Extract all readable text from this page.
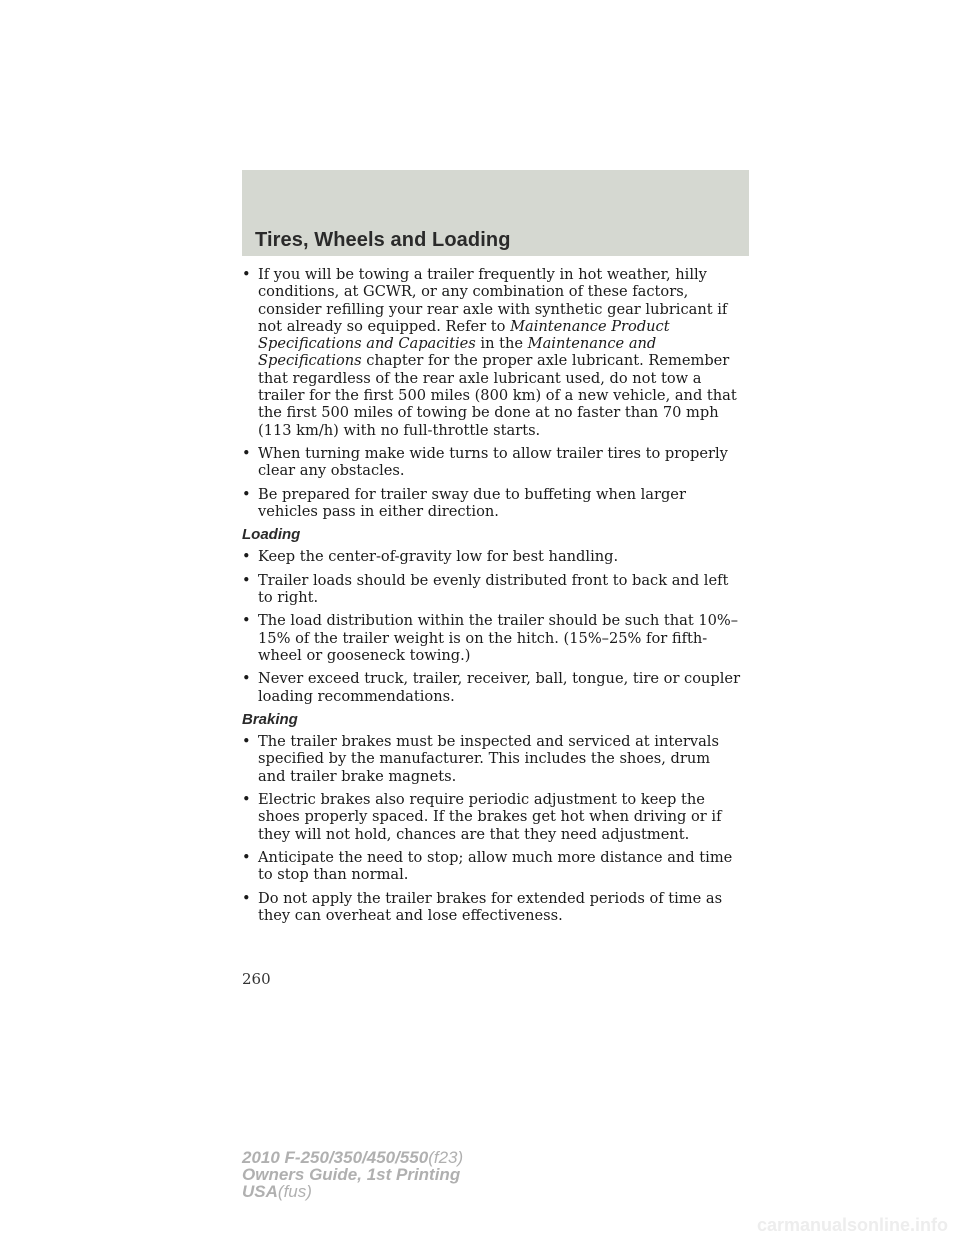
Tires, Wheels and Loading
• If you will be towing a trailer frequently in hot weather, hilly conditions, at GCWR, or any combination of these factors, consider refilling your rear axle with synthetic gear lubricant if not already so equipped. Refer to Maintenance Product Specifications and Capacities in the Maintenance and Specifications chapter for the proper axle lubricant. Remember that regardless of the rear axle lubricant used, do not tow a trailer for the first 500 miles (800 km) of a new vehicle, and that the first 500 miles of towing be done at no faster than 70 mph (113 km/h) with no full-throttle starts.
• When turning make wide turns to allow trailer tires to properly clear any obstacles.
• Be prepared for trailer sway due to buffeting when larger vehicles pass in either direction.
Loading
• Keep the center-of-gravity low for best handling.
• Trailer loads should be evenly distributed front to back and left to right.
• The load distribution within the trailer should be such that 10%–15% of the trailer weight is on the hitch. (15%–25% for fifth-wheel or gooseneck towing.)
• Never exceed truck, trailer, receiver, ball, tongue, tire or coupler loading recommendations.
Braking
• The trailer brakes must be inspected and serviced at intervals specified by the manufacturer. This includes the shoes, drum and trailer brake magnets.
• Electric brakes also require periodic adjustment to keep the shoes properly spaced. If the brakes get hot when driving or if they will not hold, chances are that they need adjustment.
• Anticipate the need to stop; allow much more distance and time to stop than normal.
• Do not apply the trailer brakes for extended periods of time as they can overheat and lose effectiveness.
260
2010 F-250/350/450/550(f23)
Owners Guide, 1st Printing
USA(fus)
carmanualsonline.info
